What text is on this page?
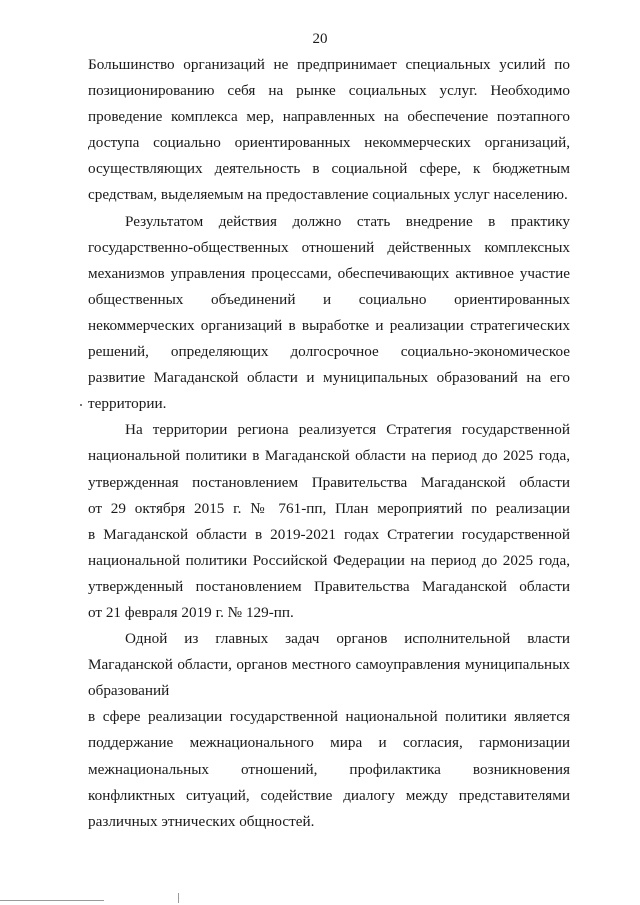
20
Большинство организаций не предпринимает специальных усилий по
позиционированию себя на рынке социальных услуг. Необходимо
проведение комплекса мер, направленных на обеспечение поэтапного
доступа социально ориентированных некоммерческих организаций,
осуществляющих деятельность в социальной сфере, к бюджетным
средствам, выделяемым на предоставление социальных услуг населению.
Результатом действия должно стать внедрение в практику
государственно-общественных отношений действенных комплексных
механизмов управления процессами, обеспечивающих активное участие
общественных объединений и социально ориентированных
некоммерческих организаций в выработке и реализации стратегических
решений, определяющих долгосрочное социально-экономическое
развитие Магаданской области и муниципальных образований на его
территории.
На территории региона реализуется Стратегия государственной
национальной политики в Магаданской области на период до 2025 года,
утвержденная постановлением Правительства Магаданской области
от 29 октября 2015 г. № 761-пп, План мероприятий по реализации
в Магаданской области в 2019-2021 годах Стратегии государственной
национальной политики Российской Федерации на период до 2025 года,
утвержденный постановлением Правительства Магаданской области
от 21 февраля 2019 г. № 129-пп.
Одной из главных задач органов исполнительной власти
Магаданской области, органов местного самоуправления муниципальных
образований
в сфере реализации государственной национальной политики является
поддержание межнационального мира и согласия, гармонизации
межнациональных отношений, профилактика возникновения
конфликтных ситуаций, содействие диалогу между представителями
различных этнических общностей.
